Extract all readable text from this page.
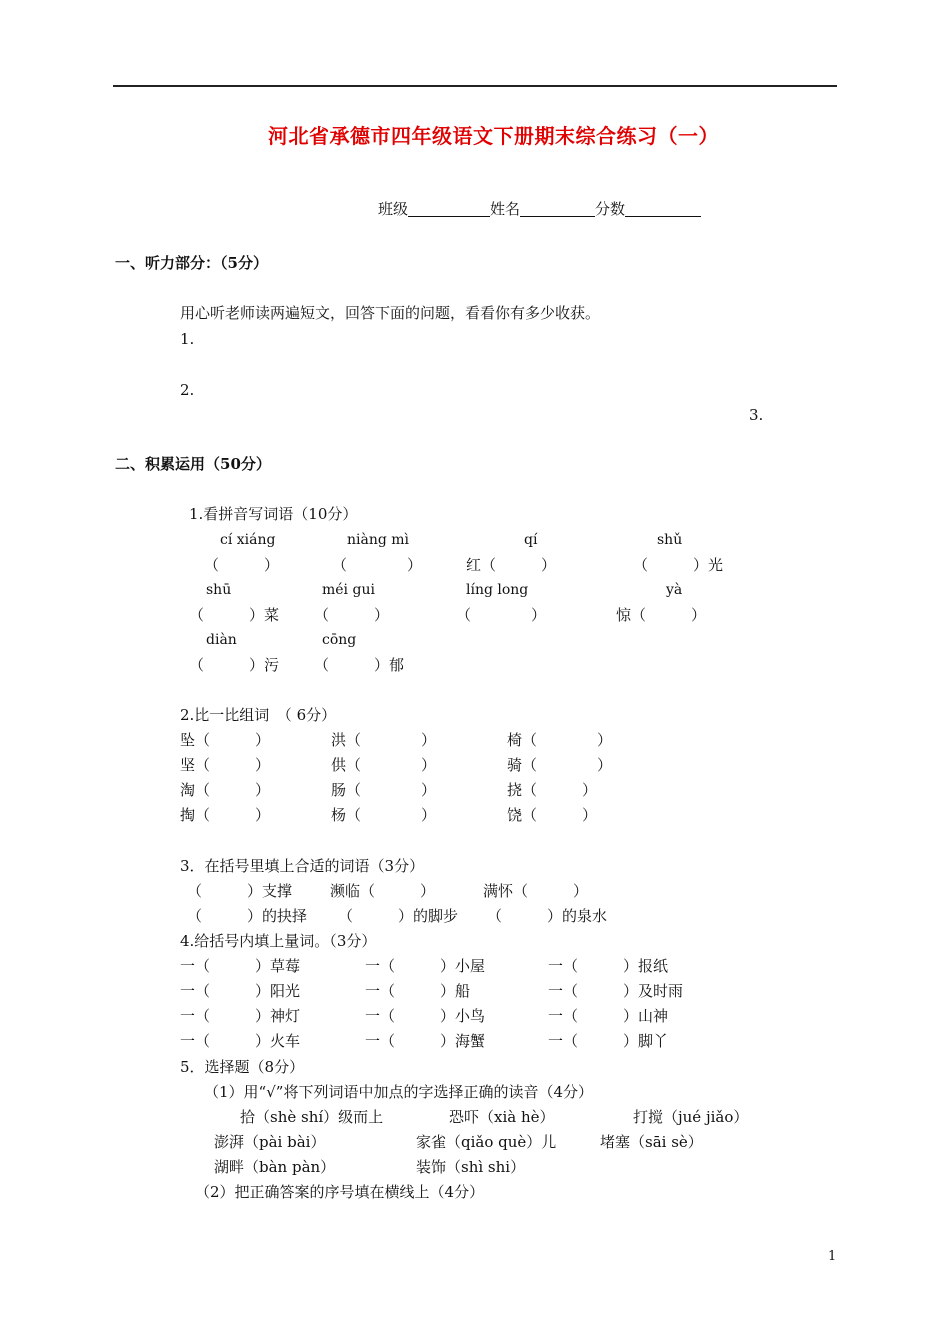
河北省承德市四年级语文下册期末综合练习（一）
班级	姓名	分数
一、听力部分：（5分）
用心听老师读两遍短文，回答下面的问题，看看你有多少收获。
1.
2.
3.
二、积累运用（50分）
1.看拼音写词语（10分）
cí xiáng	niàng mì	qí	shǔ
（　　　）	（　　　　）	红（　　　）	（　　　）光
shū	méi gui	líng long	yà
（　　　）菜 （　　　）	（　　　　）	惊（　　　）
diàn	cōng
（　　　）污 （　　　）郁
2.比一比组词　（ 6分）
坠（　　　）	洪（　　　　）	椅（　　　　）
坚（　　　）	供（　　　　）	骑（　　　　）
淘（　　　）	肠（　　　　）	挠（　　　）
掏（　　　）	杨（　　　　）	饶（　　　）
3．在括号里填上合适的词语（3分）
（　　　）支撑	濒临（　　　）	满怀（　　　）
（　　　）的抉择 （　　　）的脚步 （　　　）的泉水
4.给括号内填上量词。（3分）
一（　　　）草莓	一（　　　）小屋	一（　　　）报纸
一（　　　）阳光	一（　　　）船	一（　　　）及时雨
一（　　　）神灯	一（　　　）小鸟	一（　　　）山神
一（　　　）火车	一（　　　）海蟹	一（　　　）脚丫
5．选择题（8分）
（1）用“√”将下列词语中加点的字选择正确的读音（4分）
拾（shè shí）级而上	恐吓（xià hè）	打搅（jué jiǎo）
澎湃（pài bài）	家雀（qiǎo què）儿	堵塞（sāi sè）
湖畔（bàn pàn）	装饰（shì shi）
（2）把正确答案的序号填在横线上（4分）
1
